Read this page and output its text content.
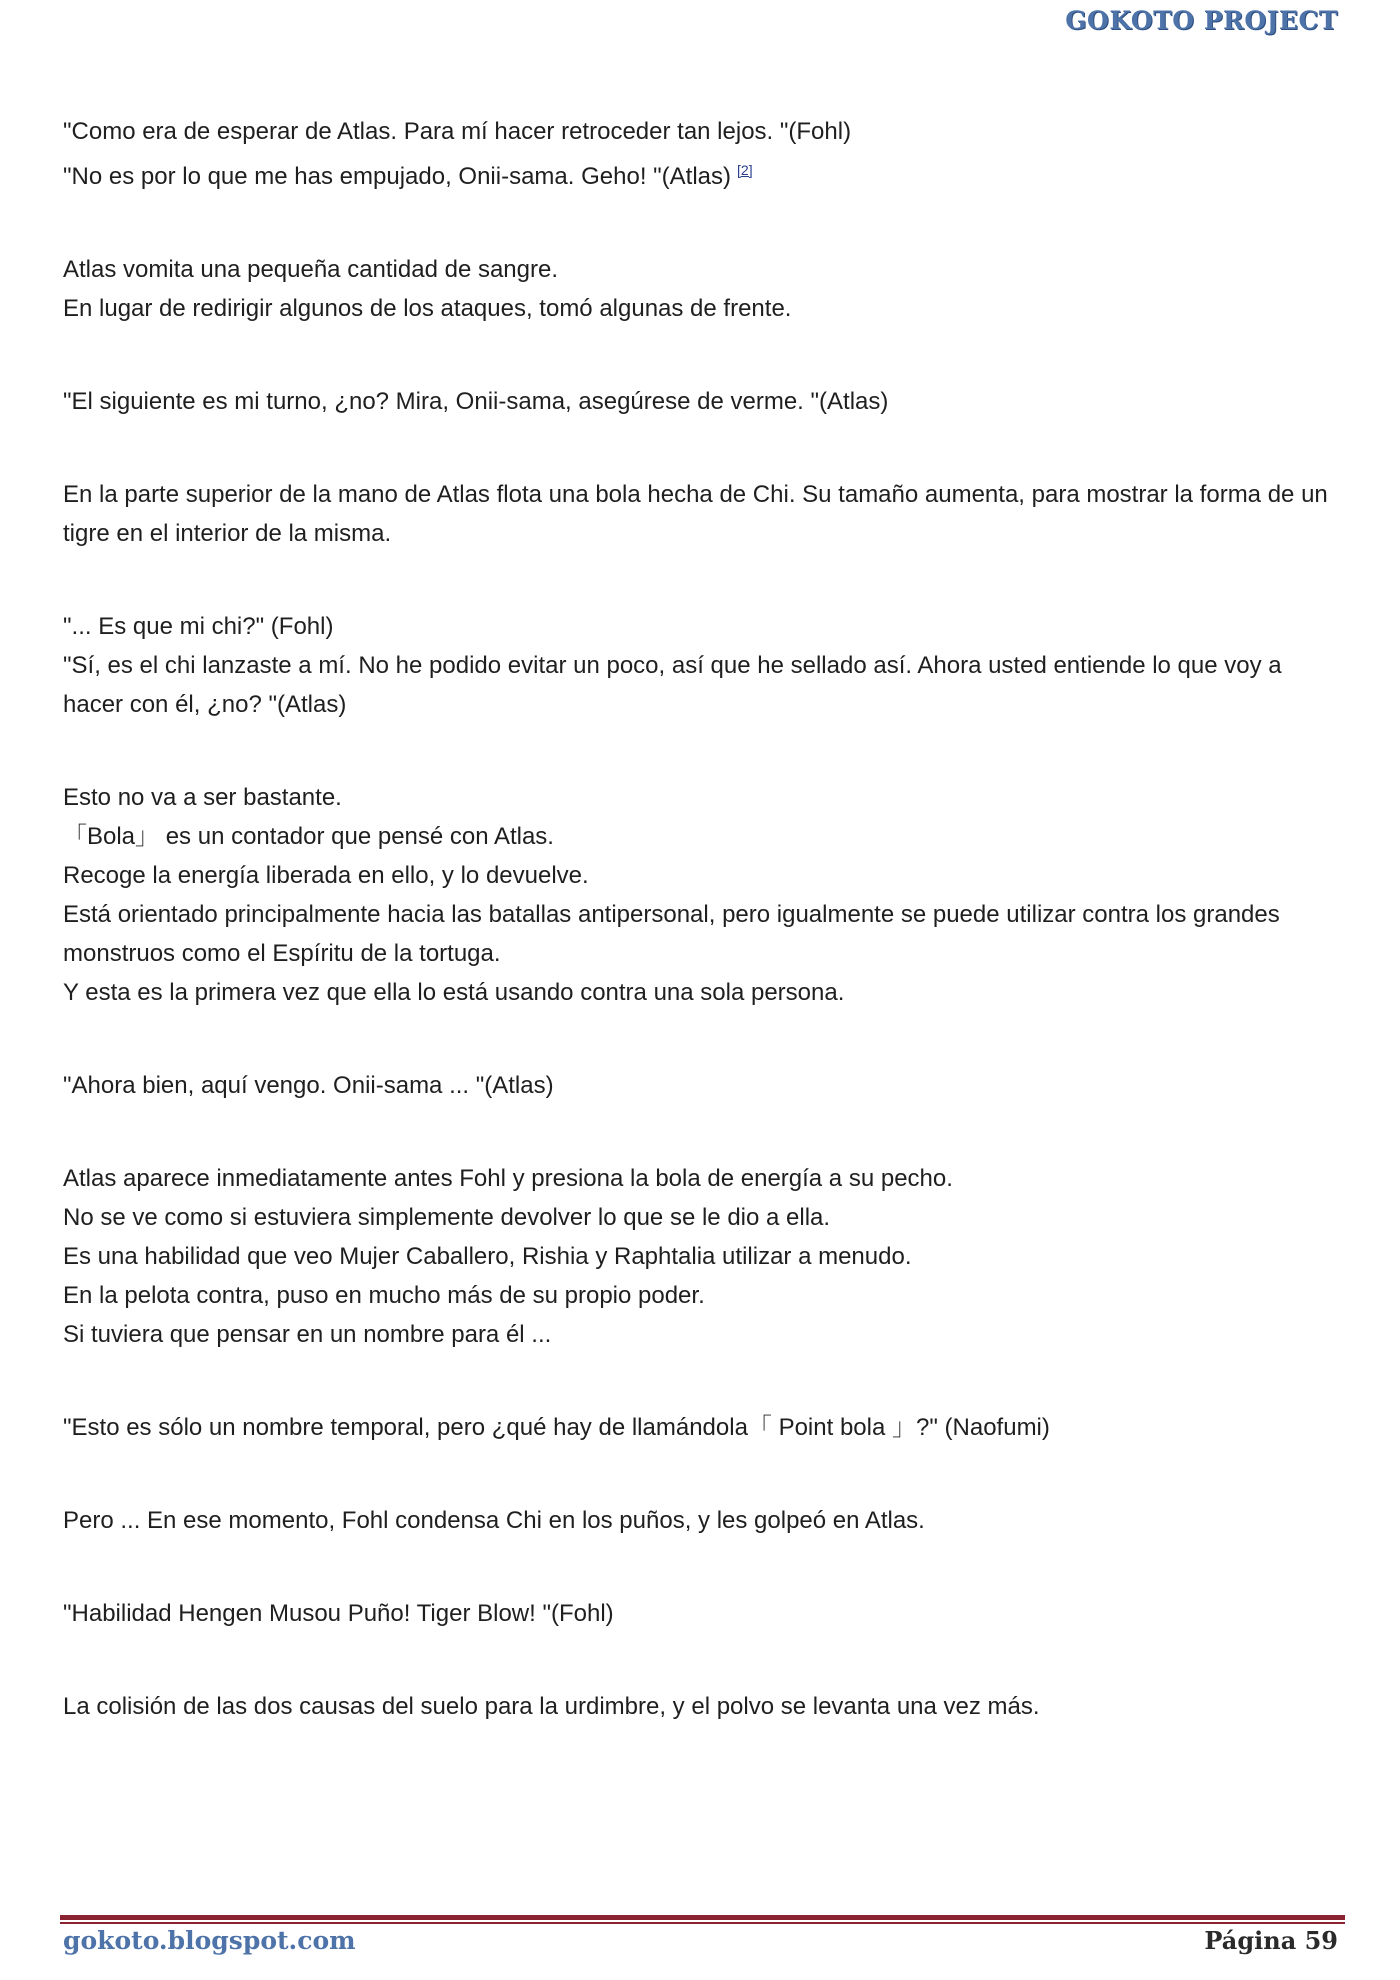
GOKOTO PROJECT

"Como era de esperar de Atlas. Para mí hacer retroceder tan lejos. "(Fohl)

"No es por lo que me has empujado, Onii-sama. Geho! "(Atlas) [2]

Atlas vomita una pequeña cantidad de sangre.

En lugar de redirigir algunos de los ataques, tomó algunas de frente.

"El siguiente es mi turno, ¿no? Mira, Onii-sama, asegúrese de verme. "(Atlas)

En la parte superior de la mano de Atlas flota una bola hecha de Chi. Su tamaño aumenta, para mostrar la forma de un tigre en el interior de la misma.

"... Es que mi chi?" (Fohl)

"Sí, es el chi lanzaste a mí. No he podido evitar un poco, así que he sellado así. Ahora usted entiende lo que voy a hacer con él, ¿no? "(Atlas)

Esto no va a ser bastante.

「Bola」 es un contador que pensé con Atlas.

Recoge la energía liberada en ello, y lo devuelve.

Está orientado principalmente hacia las batallas antipersonal, pero igualmente se puede utilizar contra los grandes monstruos como el Espíritu de la tortuga.

Y esta es la primera vez que ella lo está usando contra una sola persona.

"Ahora bien, aquí vengo. Onii-sama ... "(Atlas)

Atlas aparece inmediatamente antes Fohl y presiona la bola de energía a su pecho.

No se ve como si estuviera simplemente devolver lo que se le dio a ella.

Es una habilidad que veo Mujer Caballero, Rishia y Raphtalia utilizar a menudo.

En la pelota contra, puso en mucho más de su propio poder.

Si tuviera que pensar en un nombre para él ...

"Esto es sólo un nombre temporal, pero ¿qué hay de llamándola「 Point bola 」?" (Naofumi)

Pero ... En ese momento, Fohl condensa Chi en los puños, y les golpeó en Atlas.

"Habilidad Hengen Musou Puño! Tiger Blow! "(Fohl)

La colisión de las dos causas del suelo para la urdimbre, y el polvo se levanta una vez más.

gokoto.blogspot.com	Página 59
